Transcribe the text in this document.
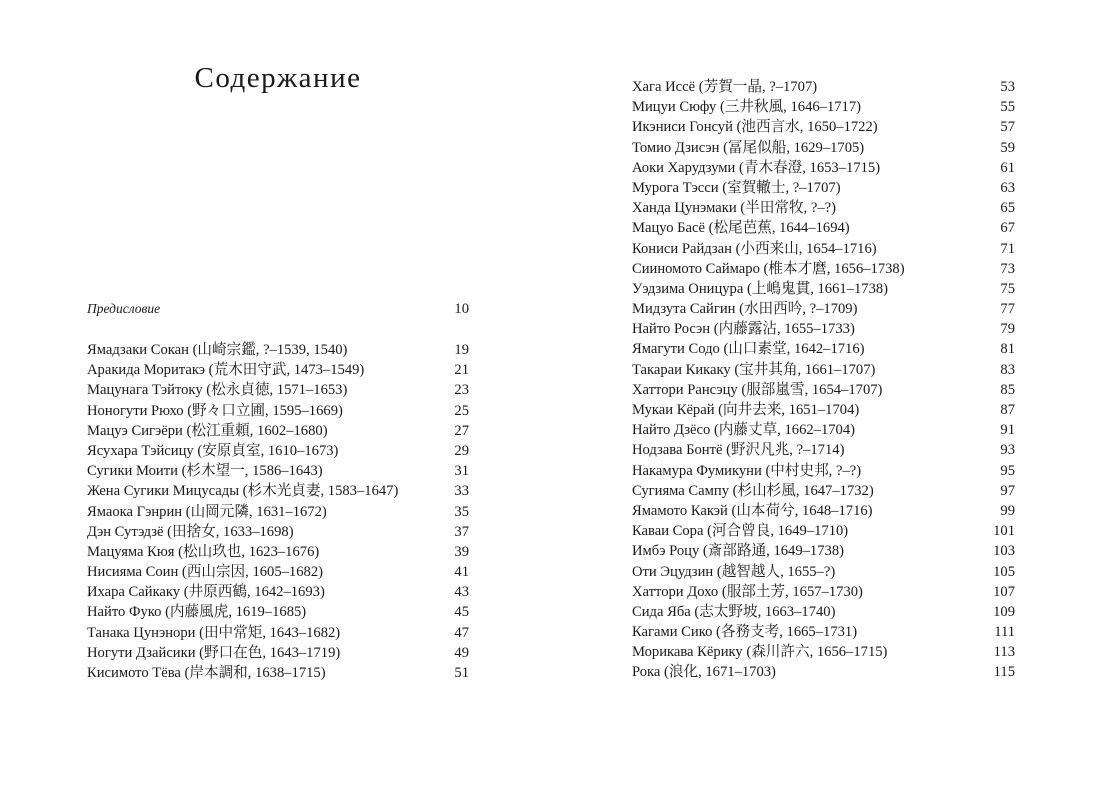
Содержание
Предисловие	10
Ямадзаки Сокан (山崎宗鑑, ?–1539, 1540)	19
Аракида Моритакэ (荒木田守武, 1473–1549)	21
Мацунага Тэйтоку (松永貞徳, 1571–1653)	23
Ноногути Рюхо (野々口立圃, 1595–1669)	25
Мацуэ Сигэёри (松江重頼, 1602–1680)	27
Ясухара Тэйсицу (安原貞室, 1610–1673)	29
Сугики Моити (杉木望一, 1586–1643)	31
Жена Сугики Мицусады (杉木光貞妻, 1583–1647)	33
Ямаока Гэнрин (山岡元隣, 1631–1672)	35
Дэн Сутэдзё (田捨女, 1633–1698)	37
Мацуяма Кюя (松山玖也, 1623–1676)	39
Нисияма Соин (西山宗因, 1605–1682)	41
Ихара Сайкаку (井原西鶴, 1642–1693)	43
Найто Фуко (内藤風虎, 1619–1685)	45
Танака Цунэнори (田中常矩, 1643–1682)	47
Ногути Дзайсики (野口在色, 1643–1719)	49
Кисимото Тёва (岸本調和, 1638–1715)	51
Хага Иссё (芳賀一晶, ?–1707)	53
Мицуи Сюфу (三井秋風, 1646–1717)	55
Икэниси Гонсуй (池西言水, 1650–1722)	57
Томио Дзисэн (冨尾似船, 1629–1705)	59
Аоки Харудзуми (青木春澄, 1653–1715)	61
Мурога Тэсси (室賀轍士, ?–1707)	63
Ханда Цунэмаки (半田常牧, ?–?)	65
Мацуо Басё (松尾芭蕉, 1644–1694)	67
Кониси Райдзан (小西来山, 1654–1716)	71
Сииномото Саймаро (椎本才麿, 1656–1738)	73
Уэдзима Оницура (上嶋鬼貫, 1661–1738)	75
Мидзута Сайгин (水田西吟, ?–1709)	77
Найто Росэн (内藤露沾, 1655–1733)	79
Ямагути Содо (山口素堂, 1642–1716)	81
Такараи Кикаку (宝井其角, 1661–1707)	83
Хаттори Рансэцу (服部嵐雪, 1654–1707)	85
Мукаи Кёрай (向井去来, 1651–1704)	87
Найто Дзёсо (内藤丈草, 1662–1704)	91
Нодзава Бонтё (野沢凡兆, ?–1714)	93
Накамура Фумикуни (中村史邦, ?–?)	95
Сугияма Сампу (杉山杉風, 1647–1732)	97
Ямамото Какэй (山本荷兮, 1648–1716)	99
Каваи Сора (河合曾良, 1649–1710)	101
Имбэ Роцу (斎部路通, 1649–1738)	103
Оти Эцудзин (越智越人, 1655–?)	105
Хаттори Дохо (服部土芳, 1657–1730)	107
Сида Яба (志太野坡, 1663–1740)	109
Кагами Сико (各務支考, 1665–1731)	111
Морикава Кёрику (森川許六, 1656–1715)	113
Рока (浪化, 1671–1703)	115
